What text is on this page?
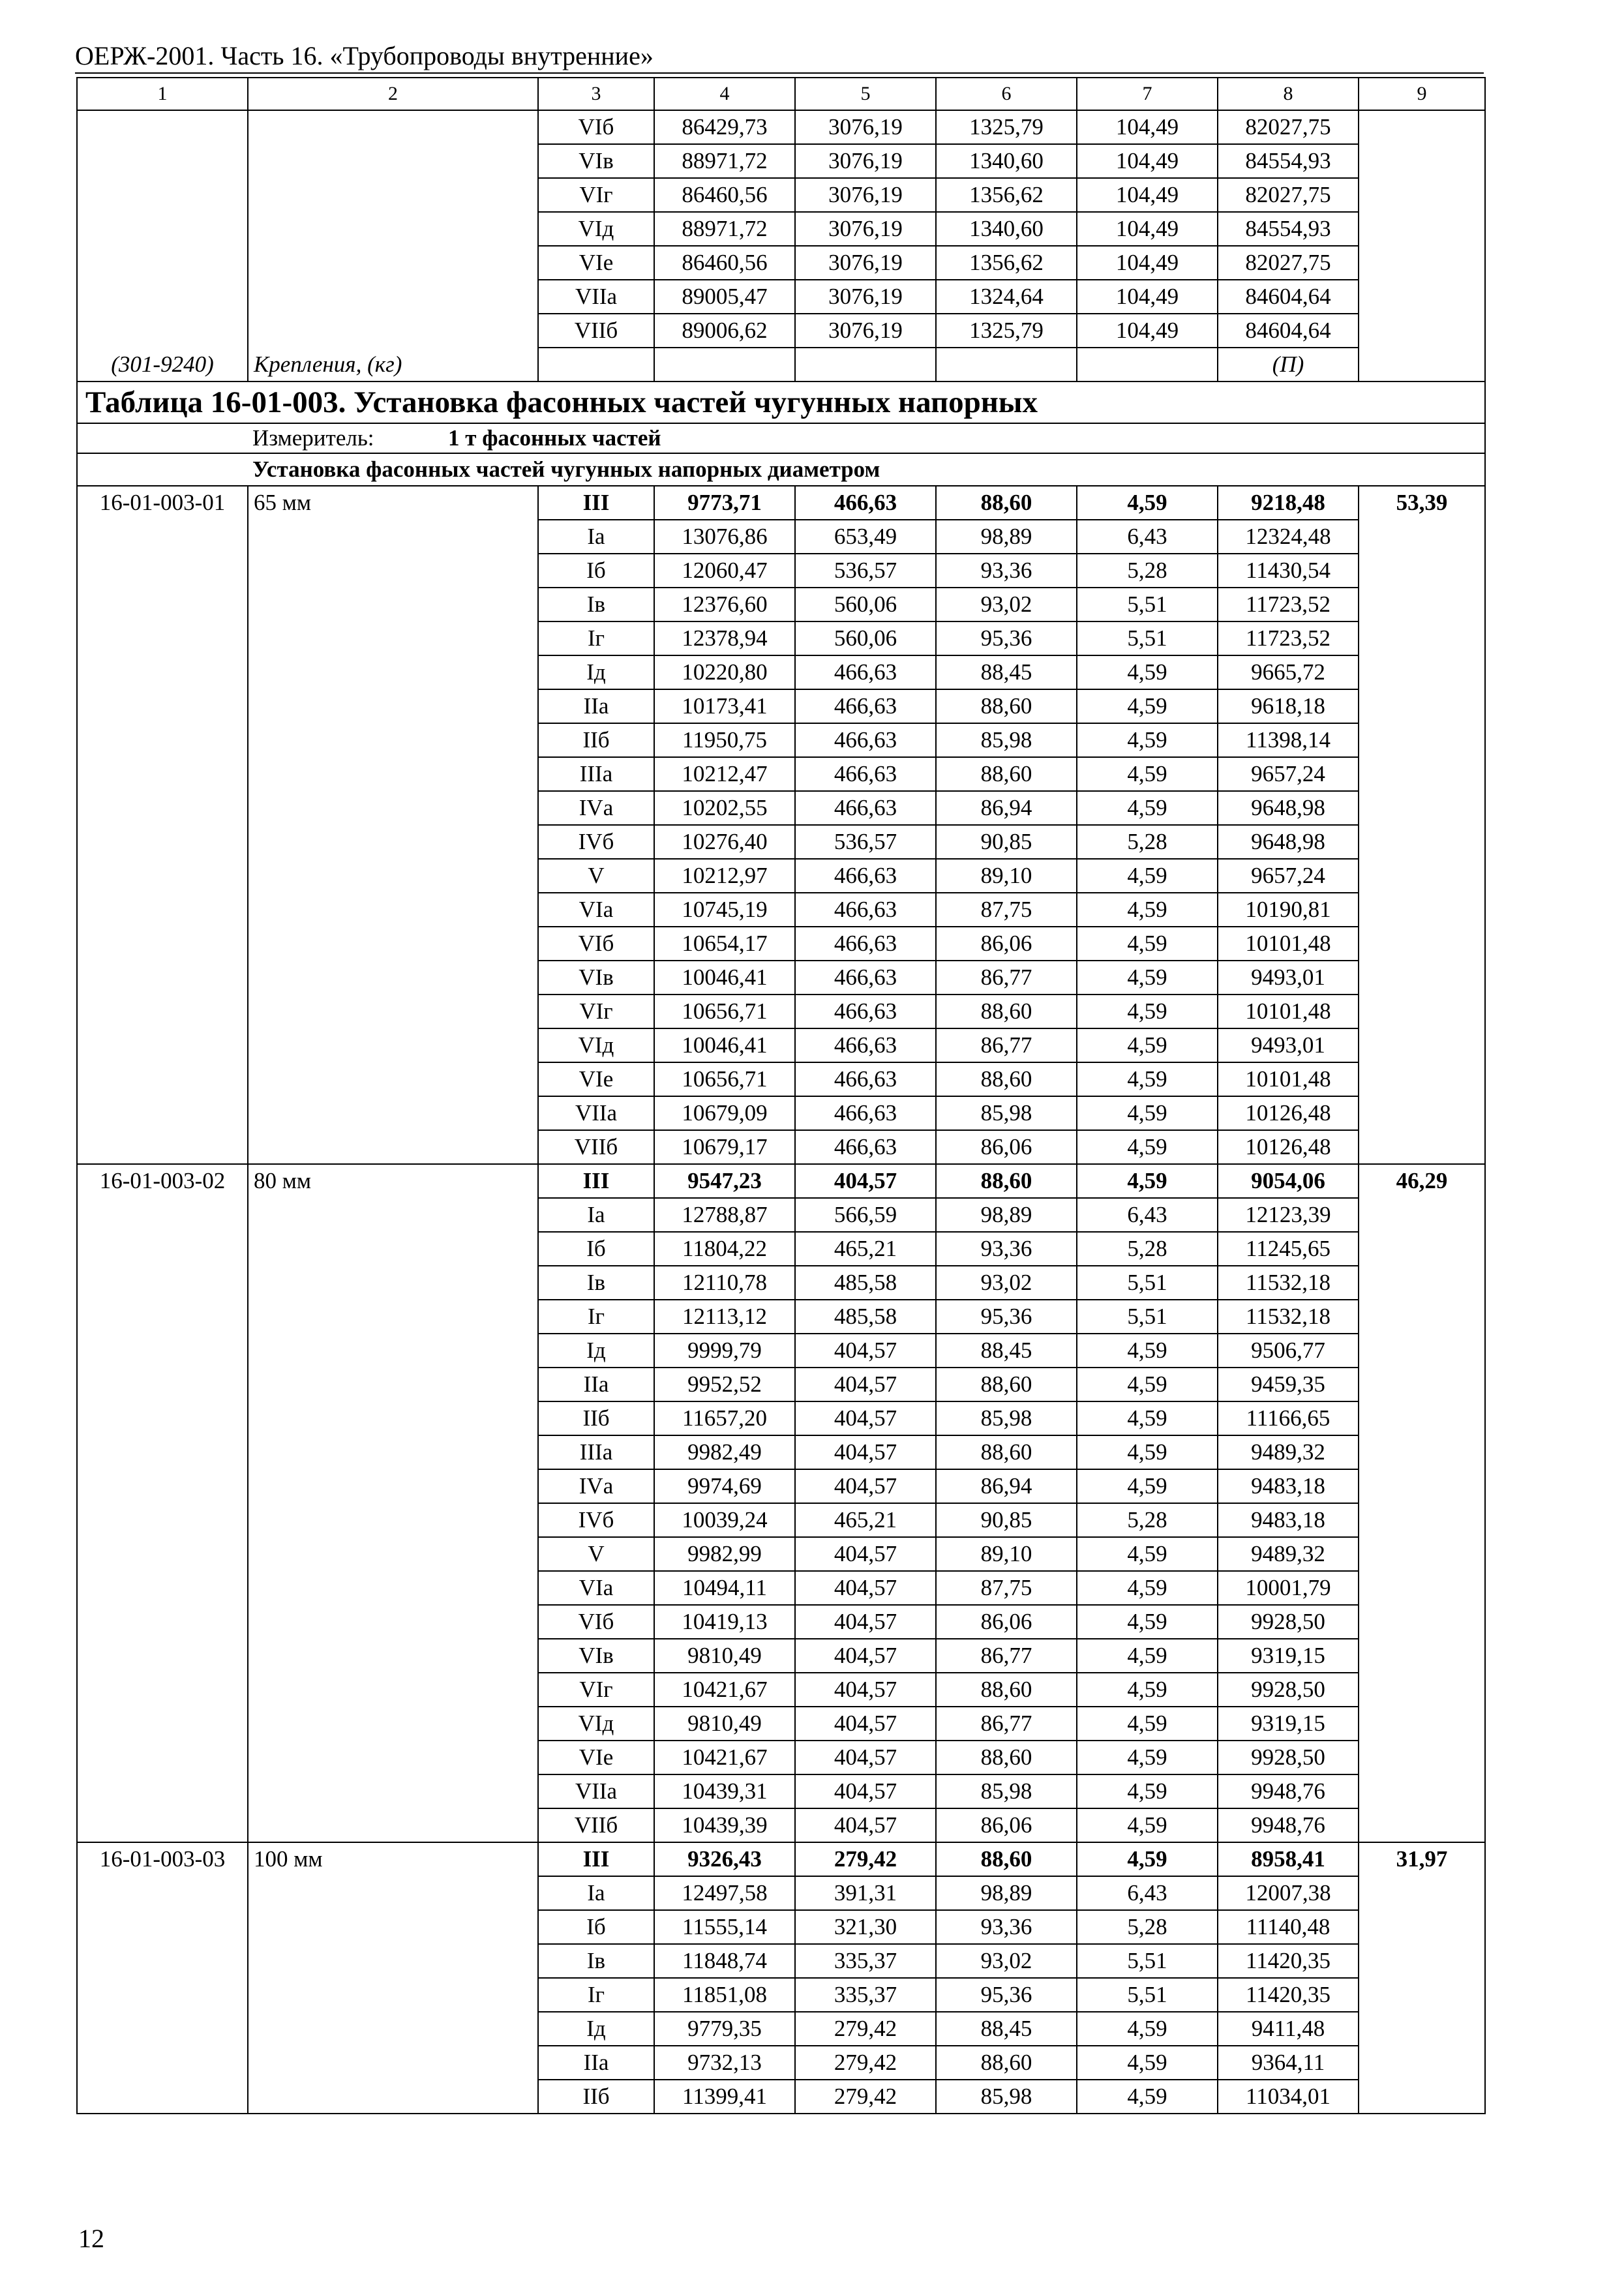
ОЕРЖ-2001. Часть 16. «Трубопроводы внутренние»
1	2	3	4	5	6	7	8	9
		VIб	86429,73	3076,19	1325,79	104,49	82027,75	
		VIв	88971,72	3076,19	1340,60	104,49	84554,93	
		VIг	86460,56	3076,19	1356,62	104,49	82027,75	
		VIд	88971,72	3076,19	1340,60	104,49	84554,93	
		VIе	86460,56	3076,19	1356,62	104,49	82027,75	
		VIIа	89005,47	3076,19	1324,64	104,49	84604,64	
		VIIб	89006,62	3076,19	1325,79	104,49	84604,64	
(301-9240)	Крепления, (кг)						(П)	
Таблица 16-01-003. Установка фасонных частей чугунных напорных								
Измеритель: 1 т фасонных частей								
Установка фасонных частей чугунных напорных диаметром								
16-01-003-01	65 мм	III	9773,71	466,63	88,60	4,59	9218,48	53,39
		Iа	13076,86	653,49	98,89	6,43	12324,48	
		Iб	12060,47	536,57	93,36	5,28	11430,54	
		Iв	12376,60	560,06	93,02	5,51	11723,52	
		Iг	12378,94	560,06	95,36	5,51	11723,52	
		Iд	10220,80	466,63	88,45	4,59	9665,72	
		IIа	10173,41	466,63	88,60	4,59	9618,18	
		IIб	11950,75	466,63	85,98	4,59	11398,14	
		IIIа	10212,47	466,63	88,60	4,59	9657,24	
		IVа	10202,55	466,63	86,94	4,59	9648,98	
		IVб	10276,40	536,57	90,85	5,28	9648,98	
		V	10212,97	466,63	89,10	4,59	9657,24	
		VIа	10745,19	466,63	87,75	4,59	10190,81	
		VIб	10654,17	466,63	86,06	4,59	10101,48	
		VIв	10046,41	466,63	86,77	4,59	9493,01	
		VIг	10656,71	466,63	88,60	4,59	10101,48	
		VIд	10046,41	466,63	86,77	4,59	9493,01	
		VIе	10656,71	466,63	88,60	4,59	10101,48	
		VIIа	10679,09	466,63	85,98	4,59	10126,48	
		VIIб	10679,17	466,63	86,06	4,59	10126,48	
16-01-003-02	80 мм	III	9547,23	404,57	88,60	4,59	9054,06	46,29
		Iа	12788,87	566,59	98,89	6,43	12123,39	
		Iб	11804,22	465,21	93,36	5,28	11245,65	
		Iв	12110,78	485,58	93,02	5,51	11532,18	
		Iг	12113,12	485,58	95,36	5,51	11532,18	
		Iд	9999,79	404,57	88,45	4,59	9506,77	
		IIа	9952,52	404,57	88,60	4,59	9459,35	
		IIб	11657,20	404,57	85,98	4,59	11166,65	
		IIIа	9982,49	404,57	88,60	4,59	9489,32	
		IVа	9974,69	404,57	86,94	4,59	9483,18	
		IVб	10039,24	465,21	90,85	5,28	9483,18	
		V	9982,99	404,57	89,10	4,59	9489,32	
		VIа	10494,11	404,57	87,75	4,59	10001,79	
		VIб	10419,13	404,57	86,06	4,59	9928,50	
		VIв	9810,49	404,57	86,77	4,59	9319,15	
		VIг	10421,67	404,57	88,60	4,59	9928,50	
		VIд	9810,49	404,57	86,77	4,59	9319,15	
		VIе	10421,67	404,57	88,60	4,59	9928,50	
		VIIа	10439,31	404,57	85,98	4,59	9948,76	
		VIIб	10439,39	404,57	86,06	4,59	9948,76	
16-01-003-03	100 мм	III	9326,43	279,42	88,60	4,59	8958,41	31,97
		Iа	12497,58	391,31	98,89	6,43	12007,38	
		Iб	11555,14	321,30	93,36	5,28	11140,48	
		Iв	11848,74	335,37	93,02	5,51	11420,35	
		Iг	11851,08	335,37	95,36	5,51	11420,35	
		Iд	9779,35	279,42	88,45	4,59	9411,48	
		IIа	9732,13	279,42	88,60	4,59	9364,11	
		IIб	11399,41	279,42	85,98	4,59	11034,01	
12
